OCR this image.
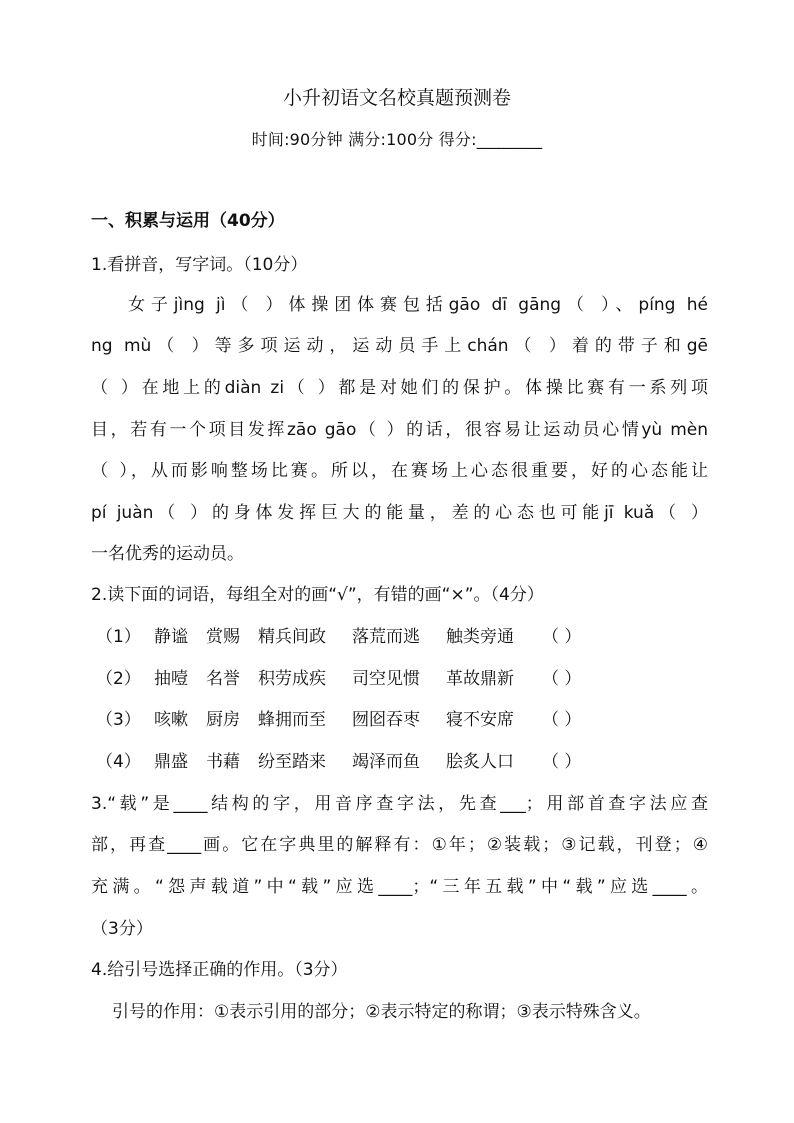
小升初语文名校真题预测卷
时间:90分钟 满分:100分 得分:________
一、积累与运用（40分）
1.看拼音，写字词。（10分）
女子jìng jì（ ）体操团体赛包括gāo dī gāng（ ）、píng hé
ng mù（ ）等多项运动，运动员手上chán（ ）着的带子和gē
（ ）在地上的diàn zi（ ）都是对她们的保护。体操比赛有一系列项
目，若有一个项目发挥zāo gāo（ ）的话，很容易让运动员心情yù mèn
（ ），从而影响整场比赛。所以，在赛场上心态很重要，好的心态能让
pí juàn（ ）的身体发挥巨大的能量，差的心态也可能jī kuǎ（ ）
一名优秀的运动员。
2.读下面的词语，每组全对的画“√”，有错的画“×”。（4分）
（1） 静谧 赏赐 精兵间政 落荒而逃 触类旁通 （ ）
（2） 抽噎 名誉 积劳成疾 司空见惯 革故鼎新 （ ）
（3） 咳嗽 厨房 蜂拥而至 囫囵吞枣 寝不安席 （ ）
（4） 鼎盛 书藉 纷至踏来 竭泽而鱼 脍炙人口 （ ）
3.“载”是____结构的字，用音序查字法，先查___；用部首查字法应查
部，再查____画。它在字典里的解释有：①年；②装载；③记载，刊登；④
充满。“怨声载道”中“载”应选____；“三年五载”中“载”应选____。
（3分）
4.给引号选择正确的作用。（3分）
引号的作用：①表示引用的部分；②表示特定的称谓；③表示特殊含义。
